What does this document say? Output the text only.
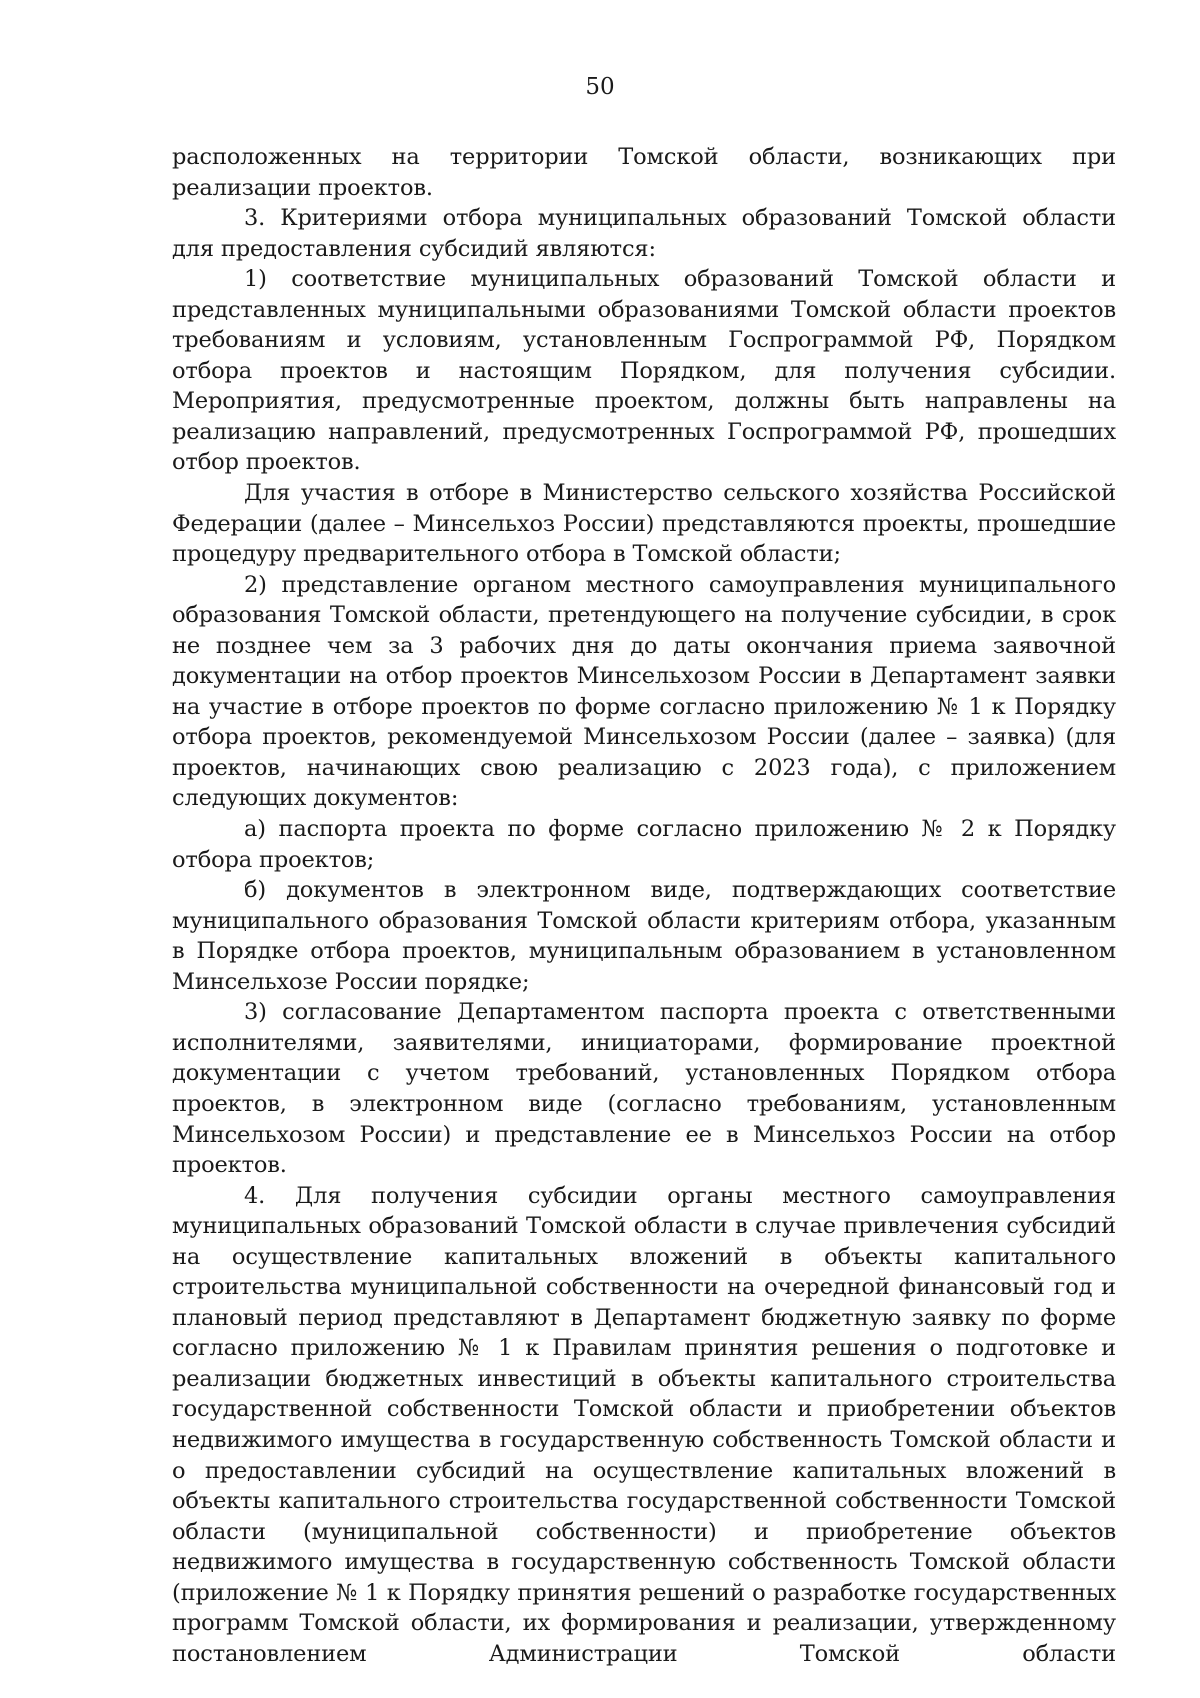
50

расположенных на территории Томской области, возникающих при реализации проектов.

3. Критериями отбора муниципальных образований Томской области для предоставления субсидий являются:

1) соответствие муниципальных образований Томской области и представленных муниципальными образованиями Томской области проектов требованиям и условиям, установленным Госпрограммой РФ, Порядком отбора проектов и настоящим Порядком, для получения субсидии. Мероприятия, предусмотренные проектом, должны быть направлены на реализацию направлений, предусмотренных Госпрограммой РФ, прошедших отбор проектов.

Для участия в отборе в Министерство сельского хозяйства Российской Федерации (далее – Минсельхоз России) представляются проекты, прошедшие процедуру предварительного отбора в Томской области;

2) представление органом местного самоуправления муниципального образования Томской области, претендующего на получение субсидии, в срок не позднее чем за 3 рабочих дня до даты окончания приема заявочной документации на отбор проектов Минсельхозом России в Департамент заявки на участие в отборе проектов по форме согласно приложению № 1 к Порядку отбора проектов, рекомендуемой Минсельхозом России (далее – заявка) (для проектов, начинающих свою реализацию с 2023 года), с приложением следующих документов:

а) паспорта проекта по форме согласно приложению № 2 к Порядку отбора проектов;

б) документов в электронном виде, подтверждающих соответствие муниципального образования Томской области критериям отбора, указанным в Порядке отбора проектов, муниципальным образованием в установленном Минсельхозе России порядке;

3) согласование Департаментом паспорта проекта с ответственными исполнителями, заявителями, инициаторами, формирование проектной документации с учетом требований, установленных Порядком отбора проектов, в электронном виде (согласно требованиям, установленным Минсельхозом России) и представление ее в Минсельхоз России на отбор проектов.

4. Для получения субсидии органы местного самоуправления муниципальных образований Томской области в случае привлечения субсидий на осуществление капитальных вложений в объекты капитального строительства муниципальной собственности на очередной финансовый год и плановый период представляют в Департамент бюджетную заявку по форме согласно приложению № 1 к Правилам принятия решения о подготовке и реализации бюджетных инвестиций в объекты капитального строительства государственной собственности Томской области и приобретении объектов недвижимого имущества в государственную собственность Томской области и о предоставлении субсидий на осуществление капитальных вложений в объекты капитального строительства государственной собственности Томской области (муниципальной собственности) и приобретение объектов недвижимого имущества в государственную собственность Томской области (приложение № 1 к Порядку принятия решений о разработке государственных программ Томской области, их формирования и реализации, утвержденному постановлением Администрации Томской области
